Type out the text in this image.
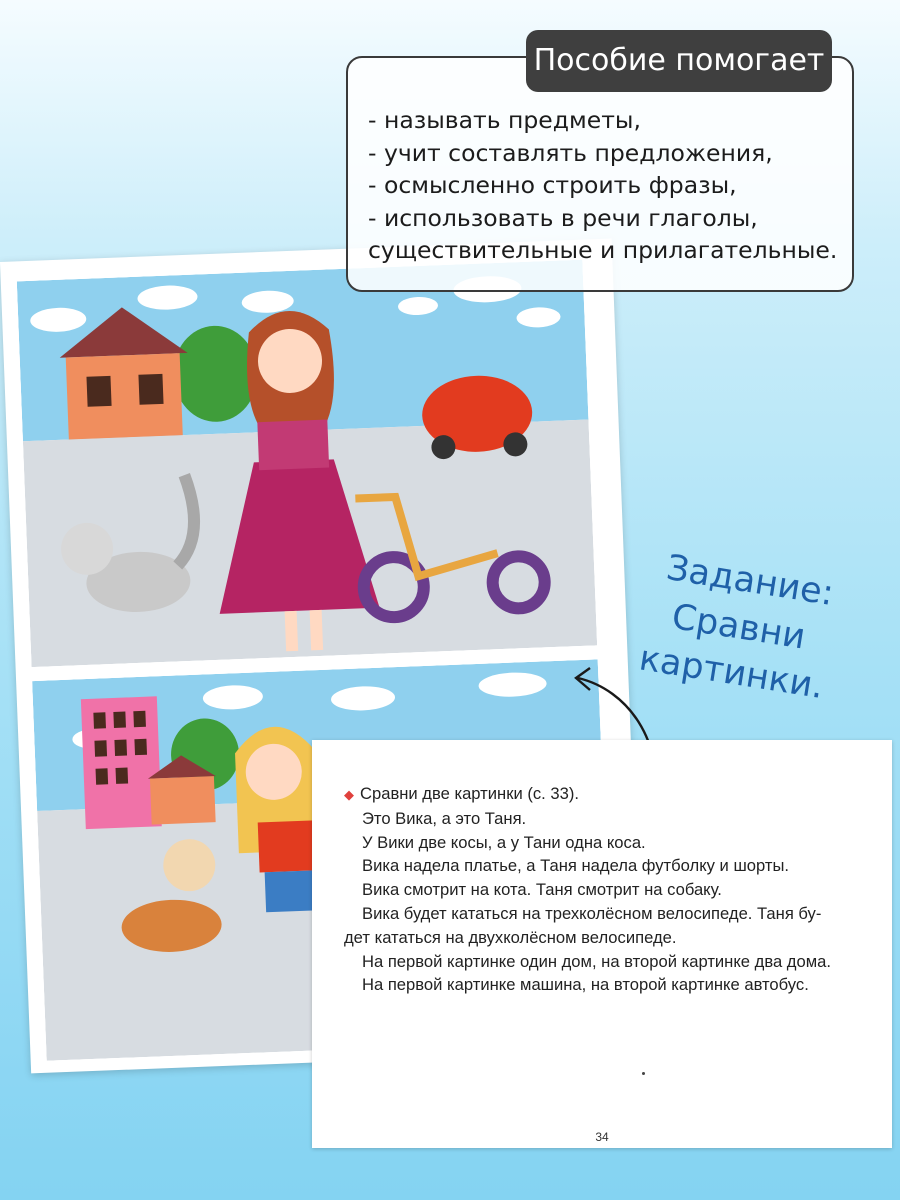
Пособие помогает
- называть предметы,
- учит составлять предложения,
- осмысленно строить фразы,
- использовать в речи глаголы,
существительные и прилагательные.
Задание:
Сравни картинки.
◆ Сравни две картинки (с. 33).
Это Вика, а это Таня.
У Вики две косы, а у Тани одна коса.
Вика надела платье, а Таня надела футболку и шорты.
Вика смотрит на кота. Таня смотрит на собаку.
Вика будет кататься на трехколёсном велосипеде. Таня бу-
дет кататься на двухколёсном велосипеде.
На первой картинке один дом, на второй картинке два дома.
На первой картинке машина, на второй картинке автобус.
34
